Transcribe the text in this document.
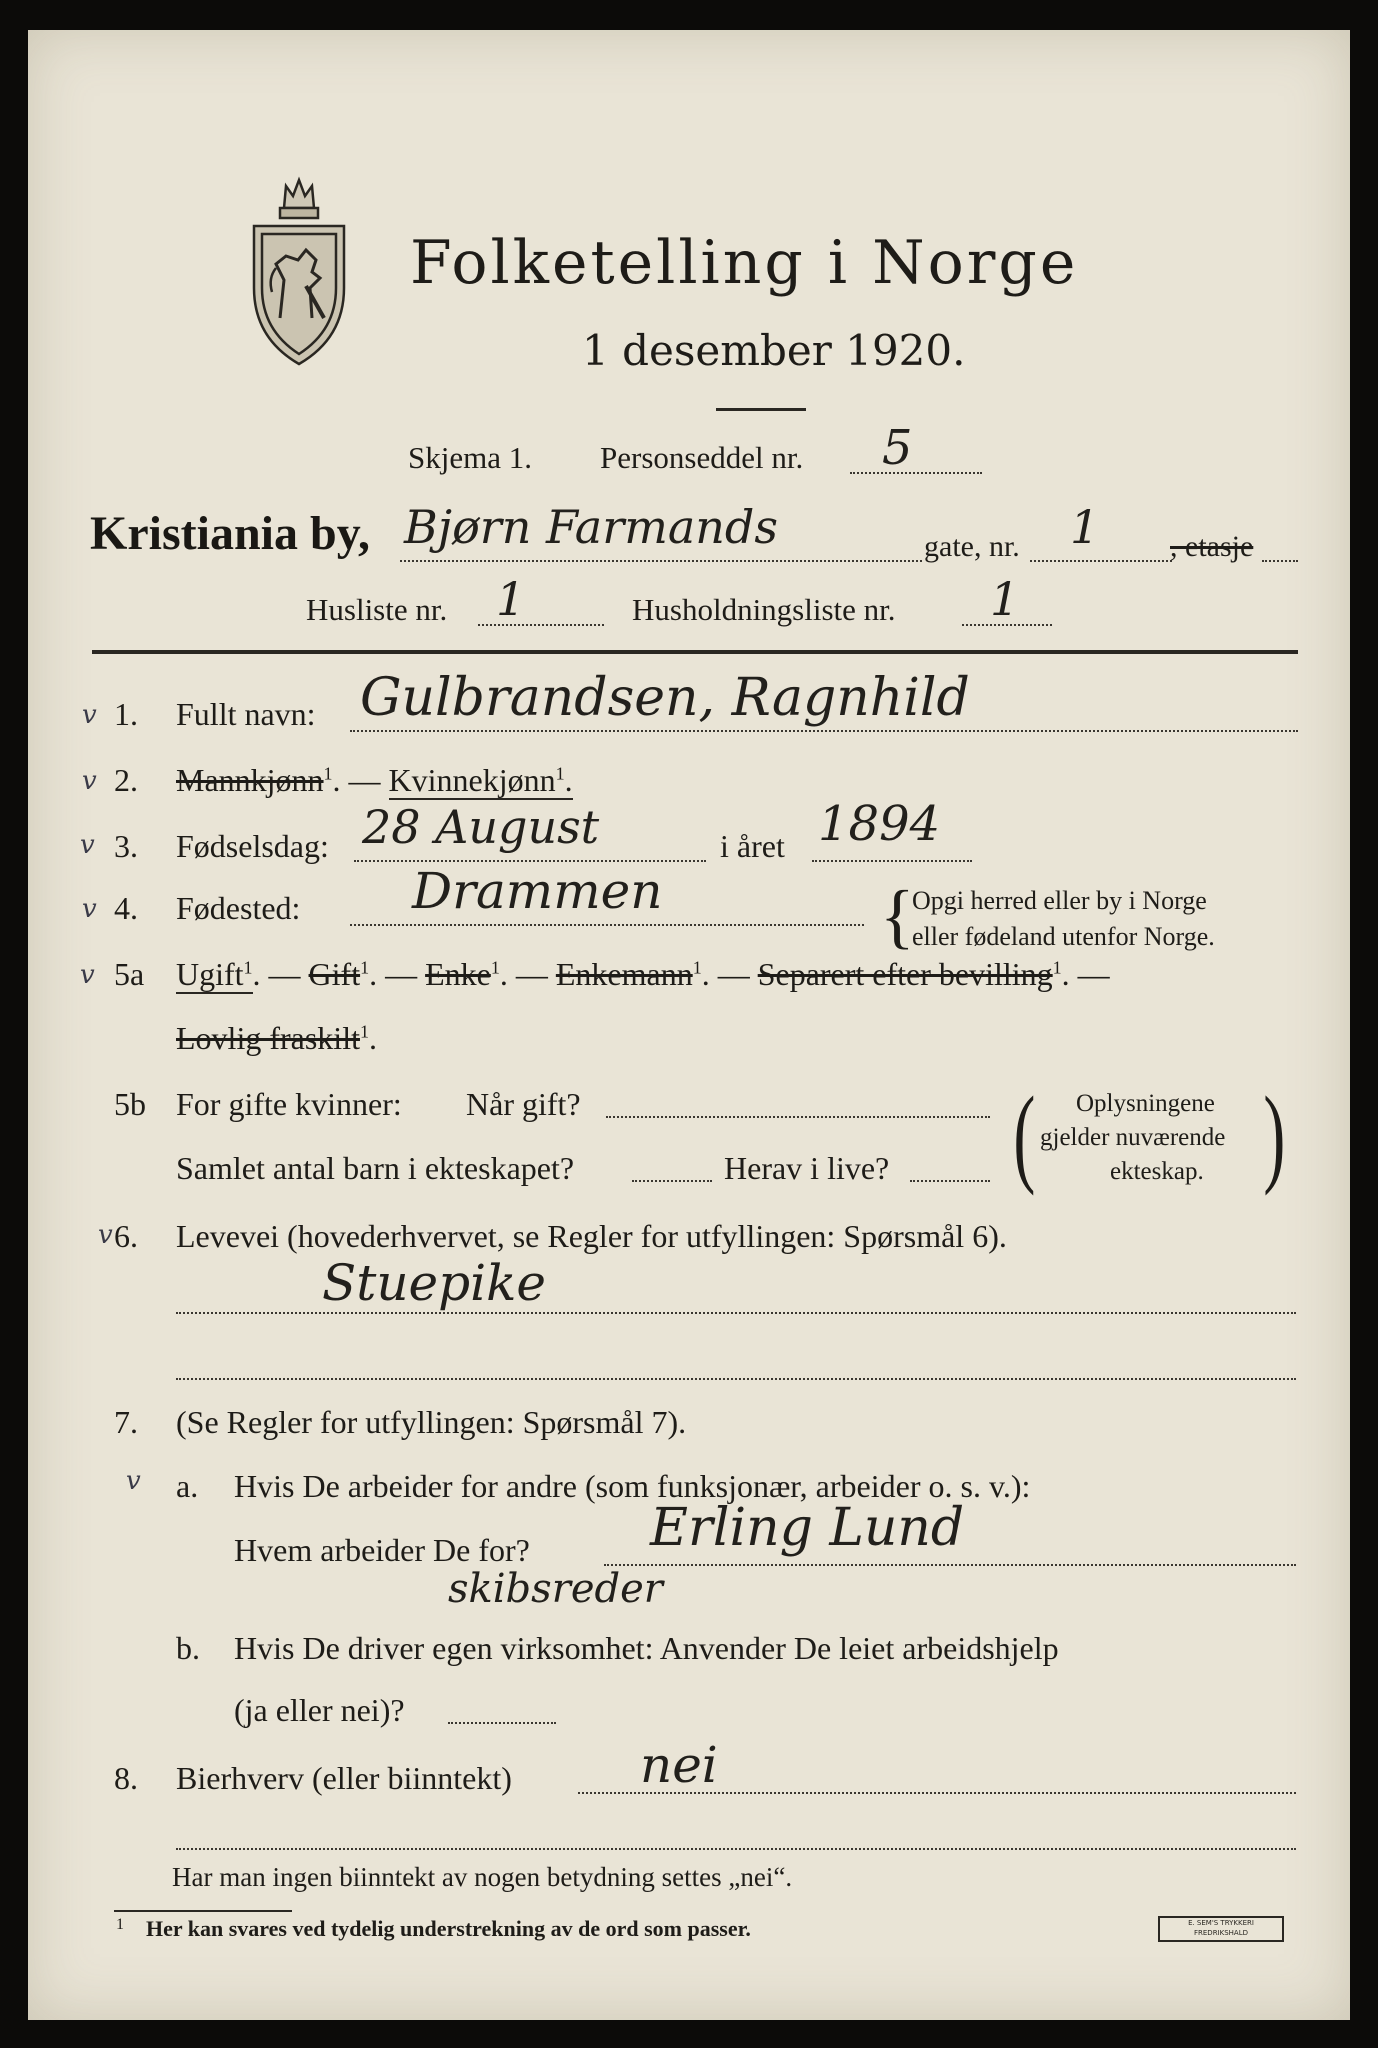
Folketelling i Norge
1 desember 1920.
Skjema 1. Personseddel nr. 5
Kristiania by, Bjørn Farmands	gate, nr. 1 , etasje
Husliste nr. 1	Husholdningsliste nr. 1
v
v
v
v
v
v
v
1. Fullt navn: Gulbrandsen, Ragnhild
2. Mannkjønn$^1$. — Kvinnekjønn$^1$.
3. Fødselsdag: 28 August	i året 1894
4. Fødested: Drammen	{
Opgi herred eller by i Norge
eller fødeland utenfor Norge.
5a Ugift$^1$. — Gift$^1$. — Enke$^1$. — Enkemann$^1$. — Separert efter bevilling$^1$. —
Lovlig fraskilt$^1$.
5b For gifte kvinner: Når gift?
Samlet antal barn i ekteskapet?	Herav i live? ( )
Oplysningene
gjelder nuværende
ekteskap.
6. Levevei (hovederhvervet, se Regler for utfyllingen: Spørsmål 6).
Stuepike
7. (Se Regler for utfyllingen: Spørsmål 7).
a. Hvis De arbeider for andre (som funksjonær, arbeider o. s. v.):
Hvem arbeider De for? Erling Lund
skibsreder
b. Hvis De driver egen virksomhet: Anvender De leiet arbeidshjelp
(ja eller nei)?
8. Bierhverv (eller biinntekt)	nei
Har man ingen biinntekt av nogen betydning settes „nei“.
1 Her kan svares ved tydelig understrekning av de ord som passer.	E. SEM'S TRYKKERI FREDRIKSHALD
